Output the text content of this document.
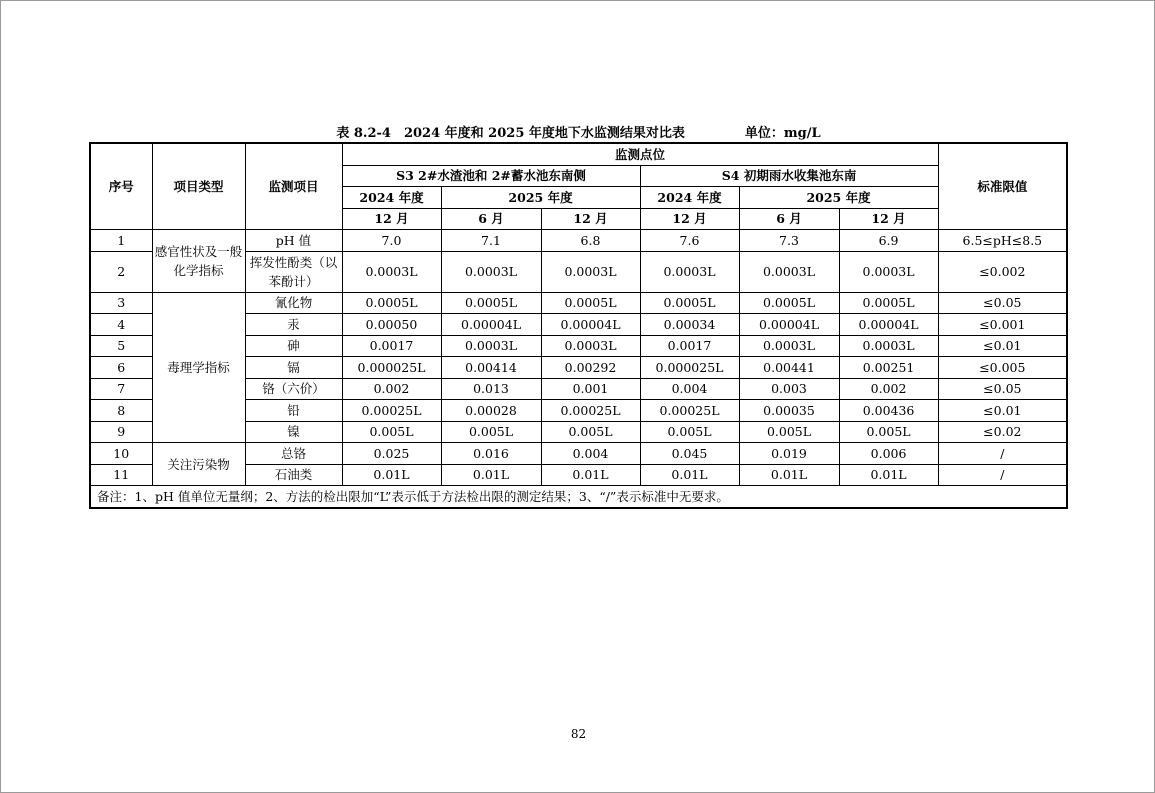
表 8.2-4　2024 年度和 2025 年度地下水监测结果对比表	单位：mg/L
序号	项目类型	监测项目	监测点位						标准限值
			S3 2#水渣池和 2#蓄水池东南侧			S4 初期雨水收集池东南			
			2024 年度	2025 年度		2024 年度	2025 年度		
			12 月	6 月	12 月	12 月	6 月	12 月	
1	感官性状及一般化学指标	pH 值	7.0	7.1	6.8	7.6	7.3	6.9	6.5≤pH≤8.5
2		挥发性酚类（以苯酚计）	0.0003L	0.0003L	0.0003L	0.0003L	0.0003L	0.0003L	≤0.002
3	毒理学指标	氰化物	0.0005L	0.0005L	0.0005L	0.0005L	0.0005L	0.0005L	≤0.05
4		汞	0.00050	0.00004L	0.00004L	0.00034	0.00004L	0.00004L	≤0.001
5		砷	0.0017	0.0003L	0.0003L	0.0017	0.0003L	0.0003L	≤0.01
6		镉	0.000025L	0.00414	0.00292	0.000025L	0.00441	0.00251	≤0.005
7		铬（六价）	0.002	0.013	0.001	0.004	0.003	0.002	≤0.05
8		铅	0.00025L	0.00028	0.00025L	0.00025L	0.00035	0.00436	≤0.01
9		镍	0.005L	0.005L	0.005L	0.005L	0.005L	0.005L	≤0.02
10	关注污染物	总铬	0.025	0.016	0.004	0.045	0.019	0.006	/
11		石油类	0.01L	0.01L	0.01L	0.01L	0.01L	0.01L	/
备注：1、pH 值单位无量纲；2、方法的检出限加“L”表示低于方法检出限的测定结果；3、“/”表示标准中无要求。									
82
